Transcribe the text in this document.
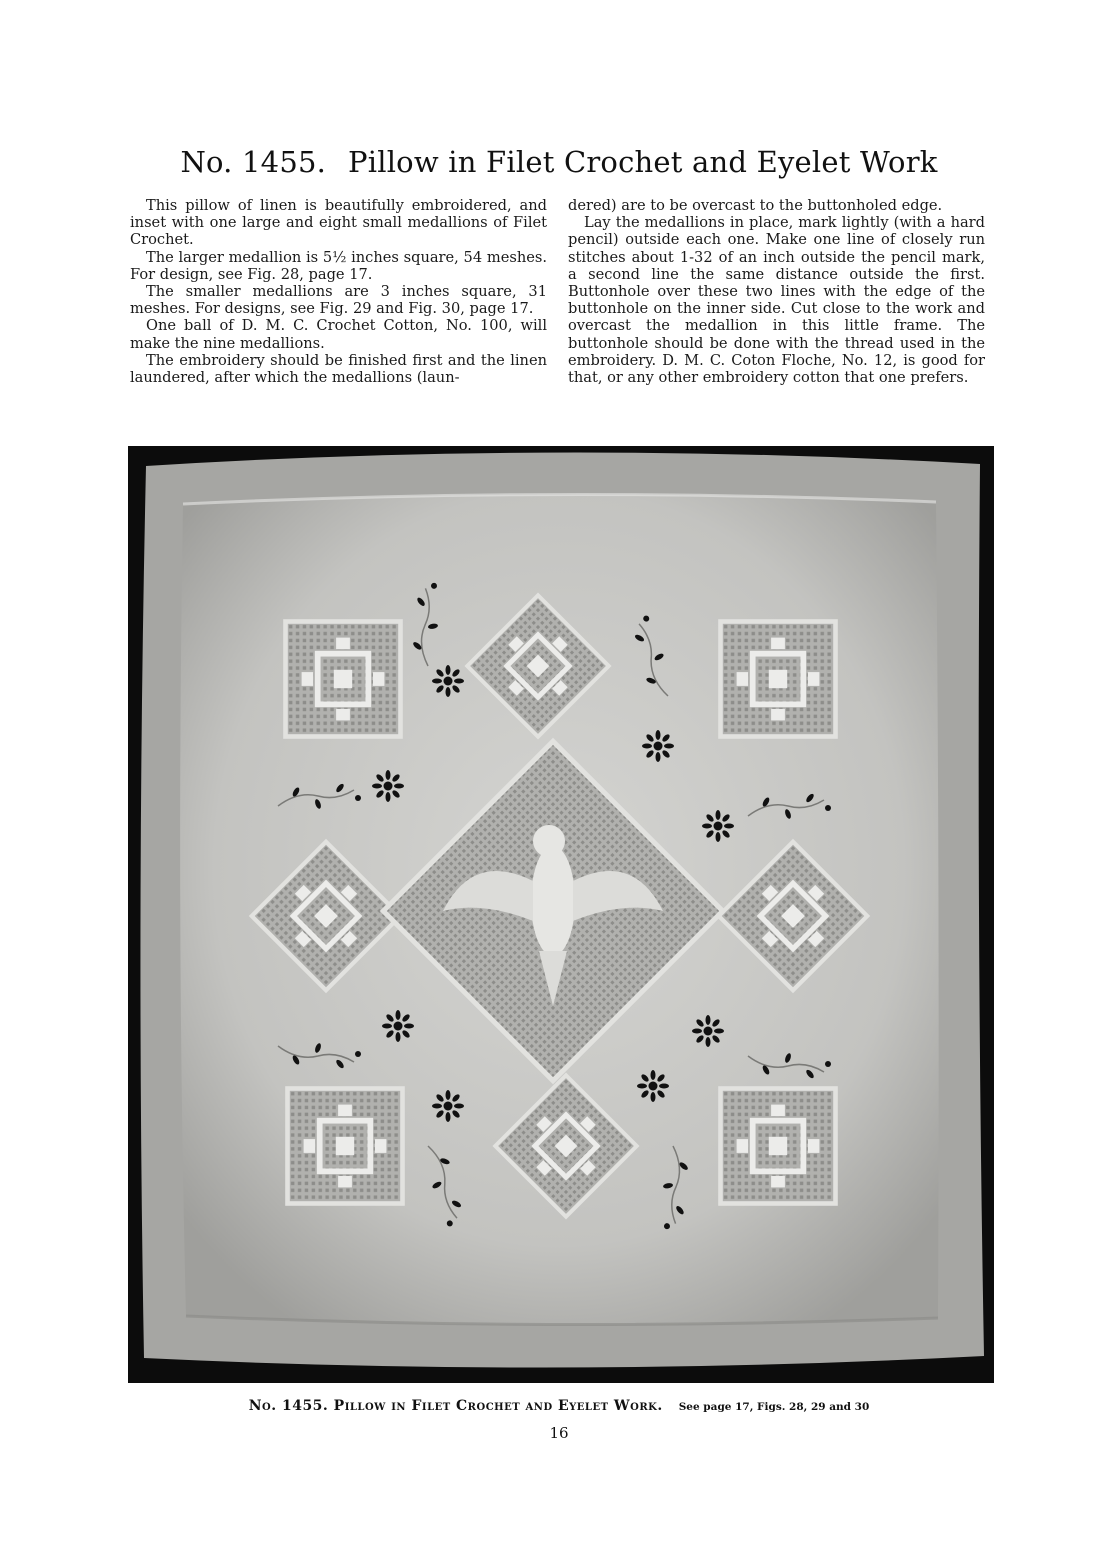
No. 1455. Pillow in Filet Crochet and Eyelet Work

This pillow of linen is beautifully embroidered, and inset with one large and eight small medallions of Filet Crochet.

The larger medallion is 5½ inches square, 54 meshes. For design, see Fig. 28, page 17.

The smaller medallions are 3 inches square, 31 meshes. For designs, see Fig. 29 and Fig. 30, page 17.

One ball of D. M. C. Crochet Cotton, No. 100, will make the nine medallions.

The embroidery should be finished first and the linen laundered, after which the medallions (laun-

dered) are to be overcast to the buttonholed edge.

Lay the medallions in place, mark lightly (with a hard pencil) outside each one. Make one line of closely run stitches about 1-32 of an inch outside the pencil mark, a second line the same distance outside the first. Buttonhole over these two lines with the edge of the buttonhole on the inner side. Cut close to the work and overcast the medallion in this little frame. The buttonhole should be done with the thread used in the embroidery. D. M. C. Coton Floche, No. 12, is good for that, or any other embroidery cotton that one prefers.

No. 1455. Pillow in Filet Crochet and Eyelet Work. See page 17, Figs. 28, 29 and 30
16
